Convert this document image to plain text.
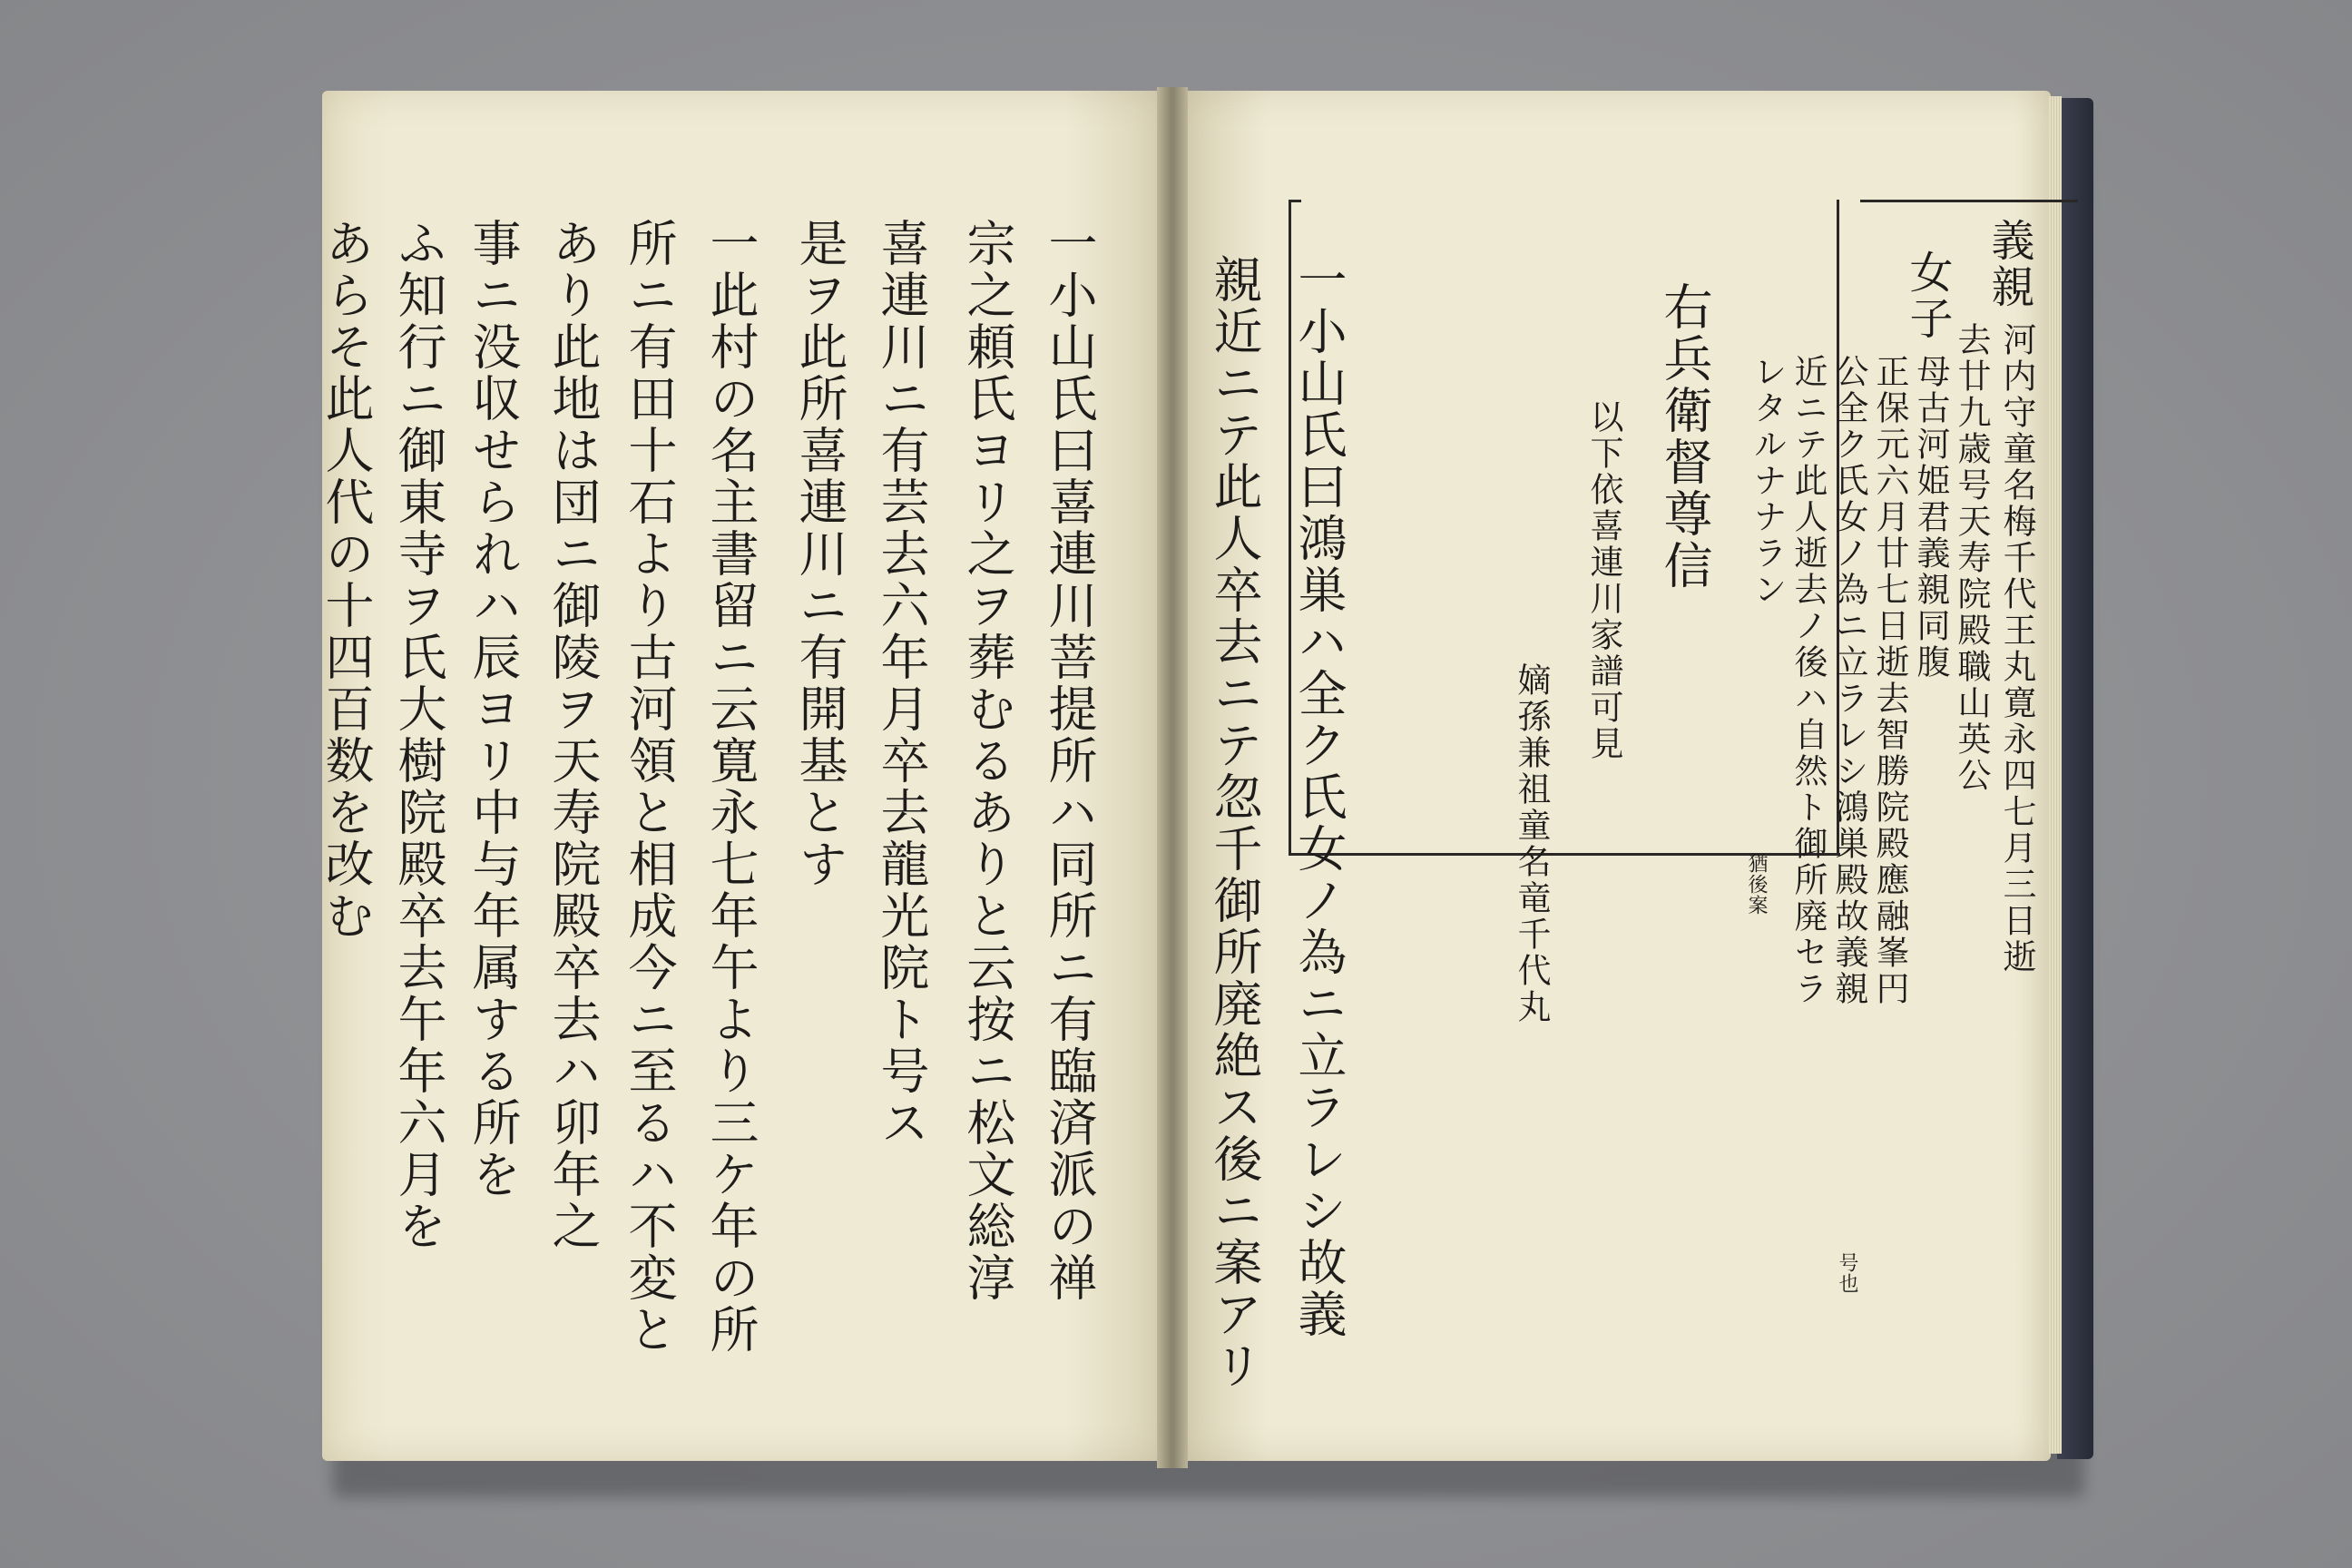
一小山氏曰喜連川菩提所ハ同所ニ有臨済派の禅
宗之頼氏ヨリ之ヲ葬むるありと云按ニ松文総淳
喜連川ニ有芸去六年月卒去龍光院ト号ス
是ヲ此所喜連川ニ有開基とす
一此村の名主書留ニ云寛永七年午より三ケ年の所
所ニ有田十石より古河領と相成今ニ至るハ不変と
あり此地は団ニ御陵ヲ天寿院殿卒去ハ卯年之
事ニ没収せられハ辰ヨリ中与年属する所を
ふ知行ニ御東寺ヲ氏大樹院殿卒去午年六月を
あらそ此人代の十四百数を改む	義親
河内守童名梅千代王丸寛永四七月三日逝
去廿九歳号天寿院殿職山英公
女子
母古河姫君義親同腹
正保元六月廿七日逝去智勝院殿應融峯円
号也
公全ク氏女ノ為ニ立ラレシ鴻巣殿故義親
近ニテ此人逝去ノ後ハ自然ト御所廃セラ
レタルナナラン
猶後案
右兵衛督尊信
以下依喜連川家譜可見
嫡孫兼祖童名竜千代丸
一小山氏曰鴻巣ハ全ク氏女ノ為ニ立ラレシ故義
親近ニテ此人卒去ニテ忽千御所廃絶ス後ニ案アリ
